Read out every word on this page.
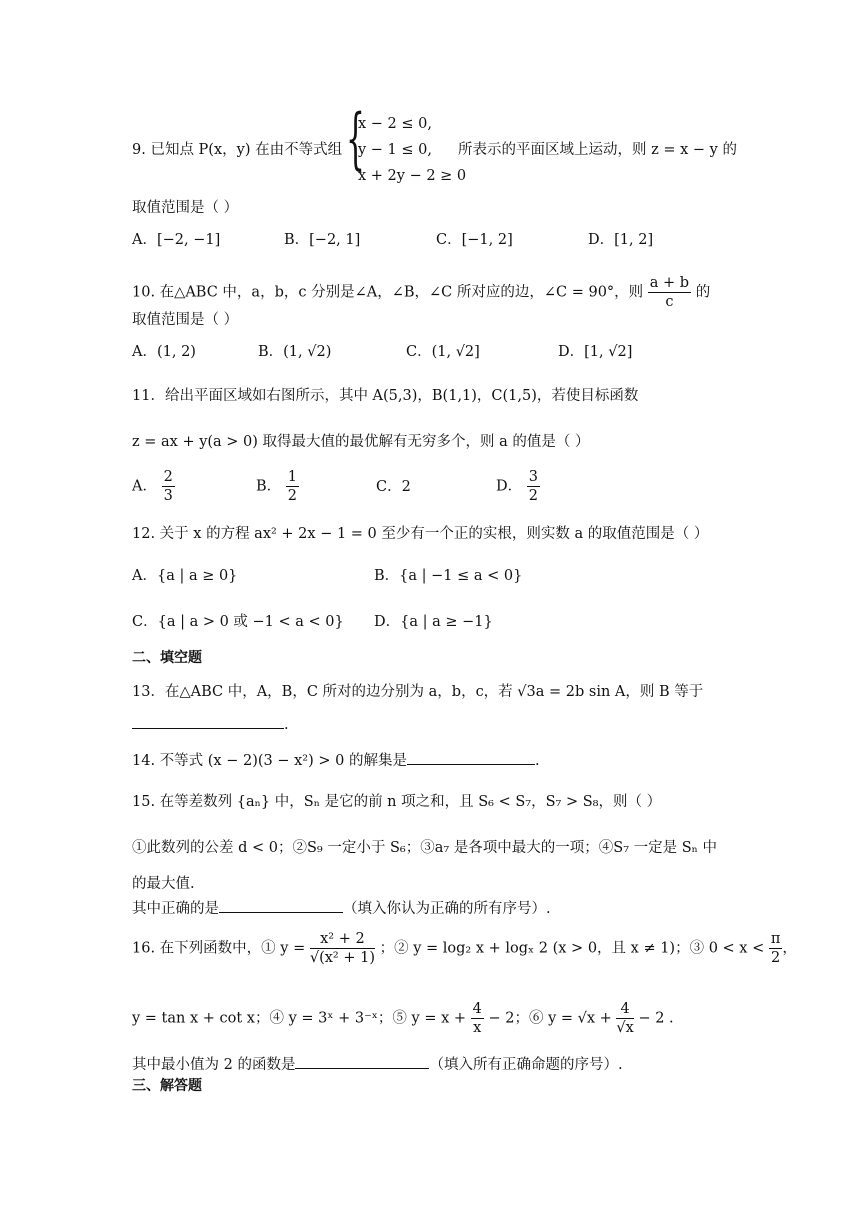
{
x − 2 ≤ 0,
y − 1 ≤ 0,
x + 2y − 2 ≥ 0
9. 已知点 P(x，y) 在由不等式组	所表示的平面区域上运动，则 z = x − y 的
取值范围是（ ）
A．[−2, −1]	B．[−2, 1]	C．[−1, 2]	D．[1, 2]
10. 在△ABC 中，a，b，c 分别是∠A，∠B，∠C 所对应的边，∠C = 90°，则 $\frac{a + b}{c}$ 的
取值范围是（ ）
A．(1, 2)	B．(1, √2)	C．(1, √2]	D．[1, √2]
11．给出平面区域如右图所示，其中 A(5,3)，B(1,1)，C(1,5)，若使目标函数
z = ax + y(a > 0) 取得最大值的最优解有无穷多个，则 a 的值是（ ）
A． $\frac{2}{3}$	B． $\frac{1}{2}$	C．2	D． $\frac{3}{2}$
12. 关于 x 的方程 ax² + 2x − 1 = 0 至少有一个正的实根，则实数 a 的取值范围是（ ）
A．{a | a ≥ 0}	B．{a | −1 ≤ a < 0}
C．{a | a > 0 或 −1 < a < 0} D．{a | a ≥ −1}
二、填空题
13．在△ABC 中，A，B，C 所对的边分别为 a，b，c，若 √3a = 2b sin A，则 B 等于
.
14. 不等式 (x − 2)(3 − x²) > 0 的解集是	.
15. 在等差数列 {aₙ} 中，Sₙ 是它的前 n 项之和，且 S₆ < S₇，S₇ > S₈，则（ ）
①此数列的公差 d < 0；②S₉ 一定小于 S₆；③a₇ 是各项中最大的一项；④S₇ 一定是 Sₙ 中
的最大值.
其中正确的是	（填入你认为正确的所有序号）.
16. 在下列函数中，① $y = \frac{\text{x² + 2}}{\text{√(x² + 1)}}$ ；② y = log₂ x + logₓ 2 (x > 0，且 x ≠ 1)；③ $0 < x < \frac{\pi}{2}$ ，
y = tan x + cot x；④ y = 3ˣ + 3⁻ˣ；⑤ $y = x + \frac{4}{x} - 2$；⑥ $y = √x + \frac{4}{√x} - 2$ .
其中最小值为 2 的函数是	（填入所有正确命题的序号）.
三、解答题
